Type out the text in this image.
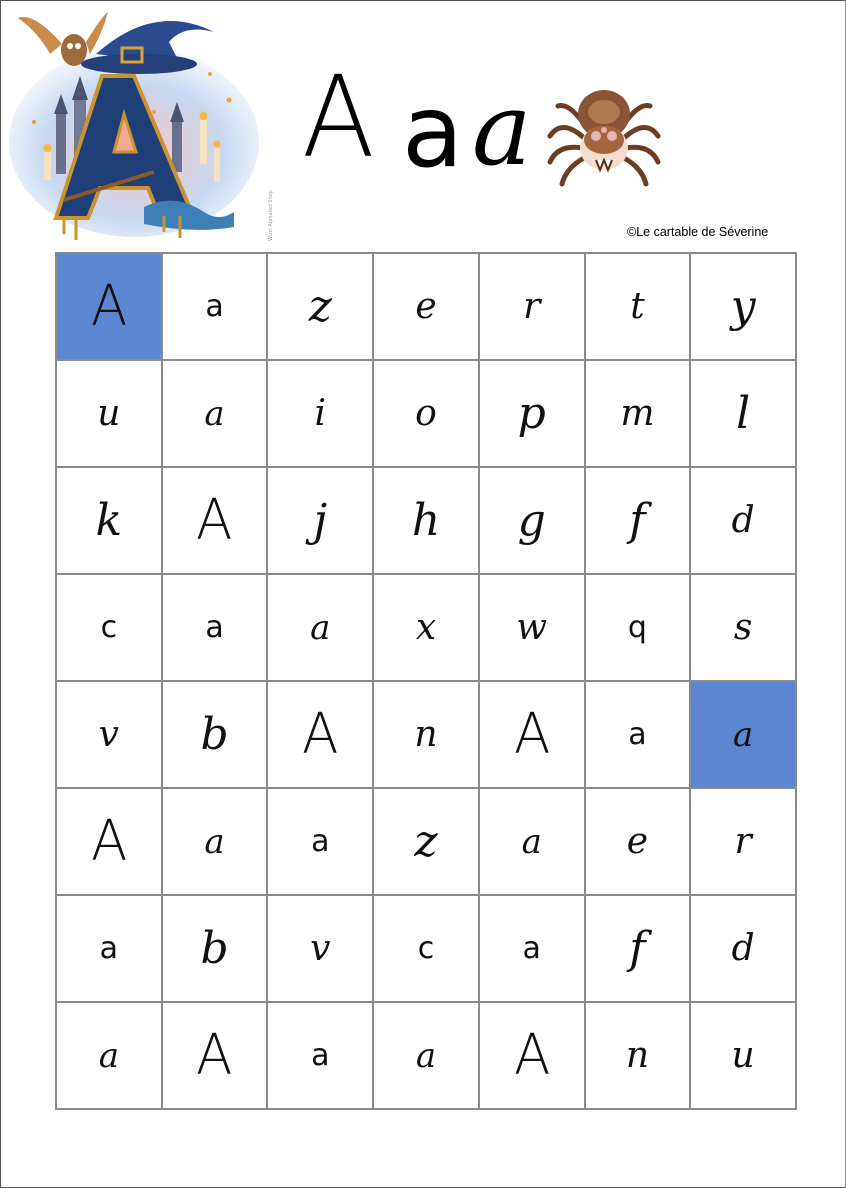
Wizzi Alphabet Shop
A a a
©Le cartable de Séverine
A	a z e r t y
u a i o p m l
k A j h g f d
c	a	a x w	q s
v b A n A	a	a
A a	a z a e r
a b v	c	a f d
a A	a	a A n u
